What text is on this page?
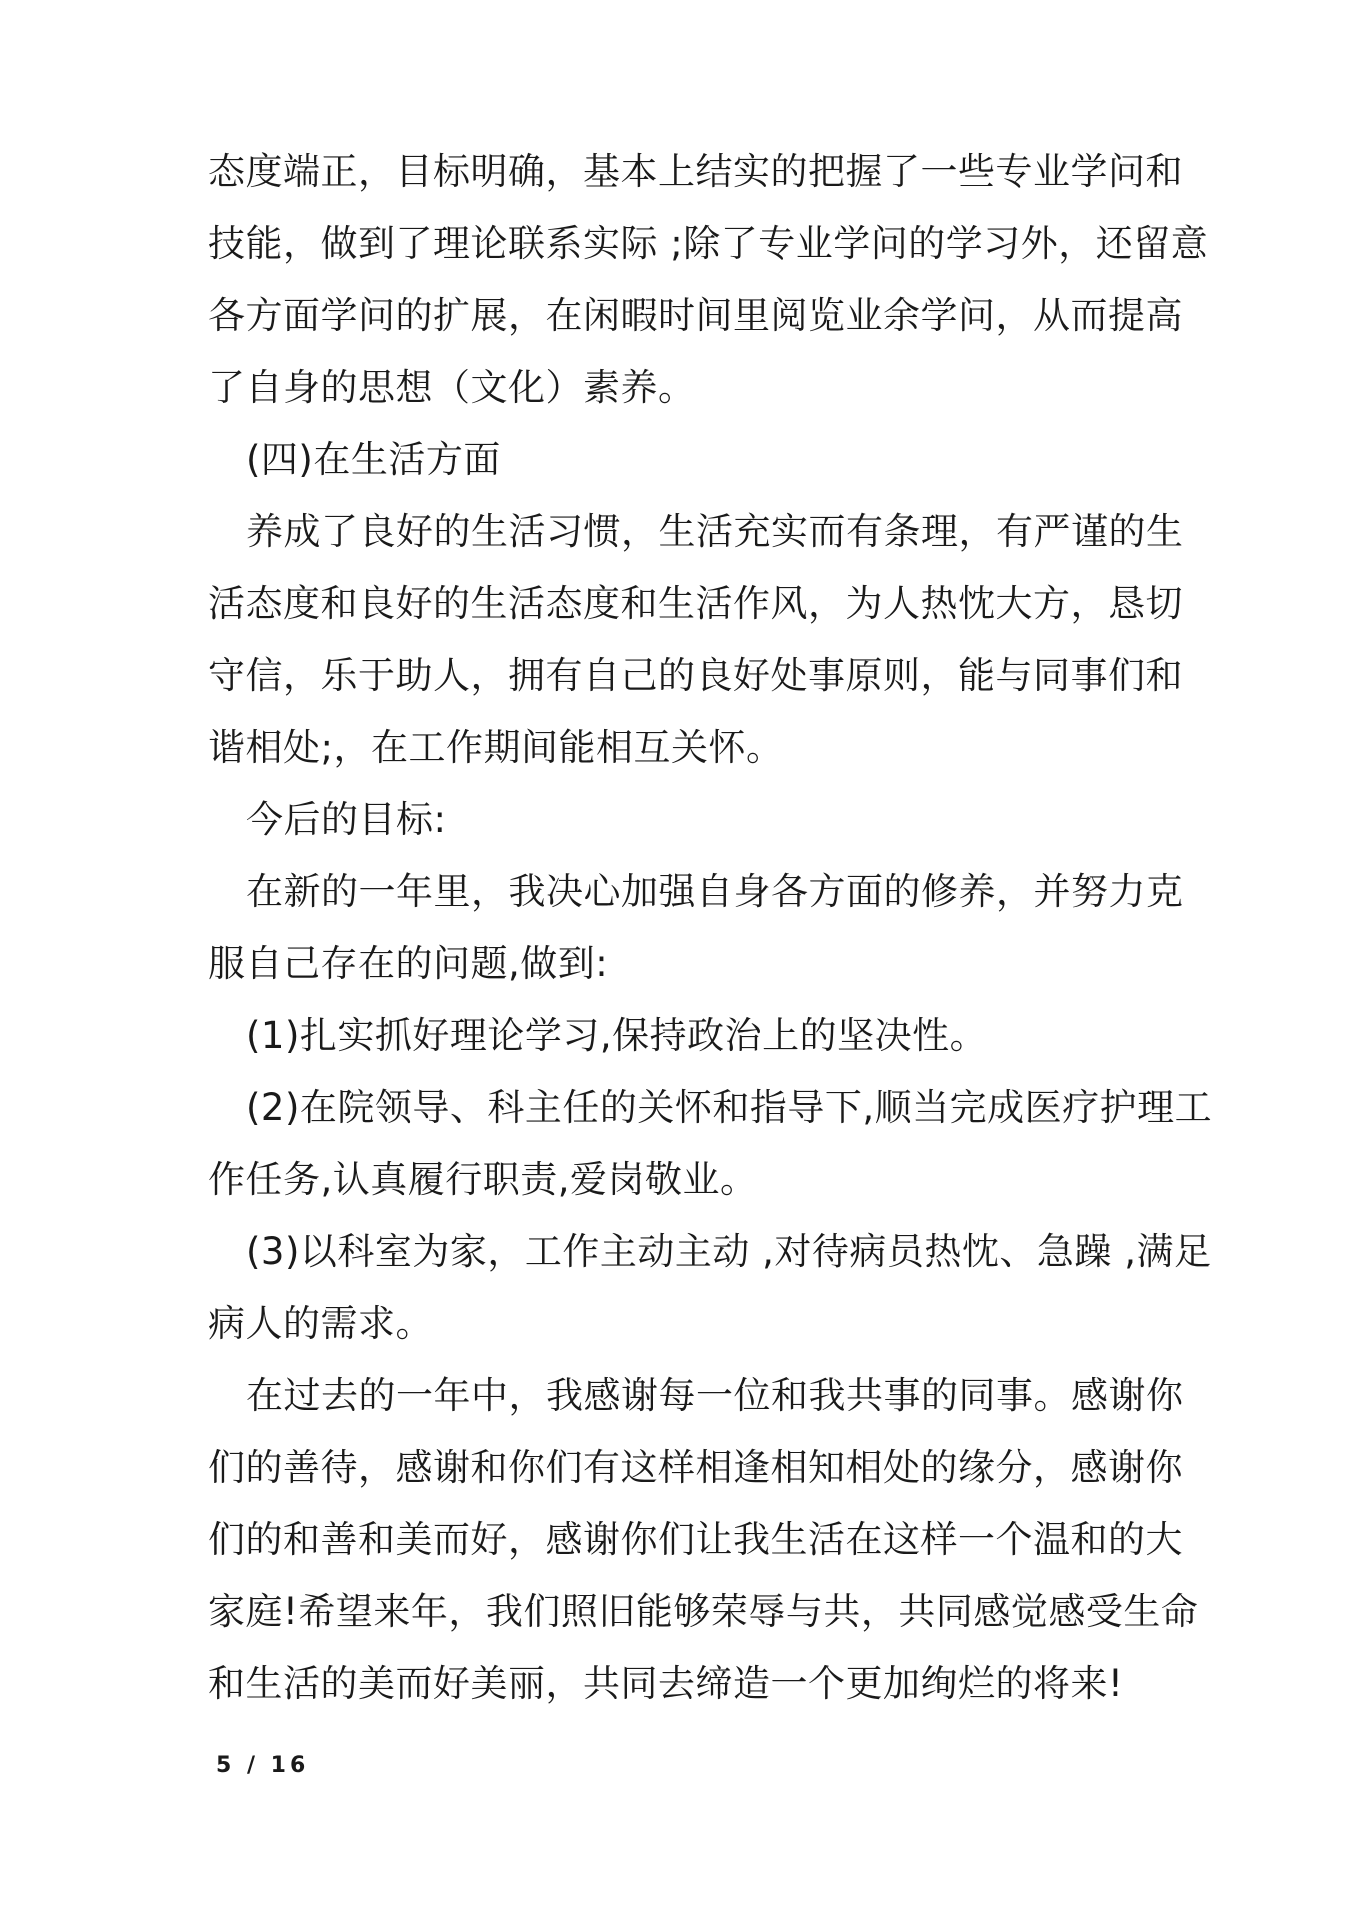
态度端正，目标明确，基本上结实的把握了一些专业学问和
技能，做到了理论联系实际 ;除了专业学问的学习外，还留意
各方面学问的扩展，在闲暇时间里阅览业余学问，从而提高
了自身的思想（文化）素养。
(四)在生活方面
养成了良好的生活习惯，生活充实而有条理，有严谨的生
活态度和良好的生活态度和生活作风，为人热忱大方，恳切
守信，乐于助人，拥有自己的良好处事原则，能与同事们和
谐相处;，在工作期间能相互关怀。
今后的目标:
在新的一年里，我决心加强自身各方面的修养，并努力克
服自己存在的问题,做到:
(1)扎实抓好理论学习,保持政治上的坚决性。
(2)在院领导、科主任的关怀和指导下,顺当完成医疗护理工
作任务,认真履行职责,爱岗敬业。
(3)以科室为家，工作主动主动 ,对待病员热忱、急躁 ,满足
病人的需求。
在过去的一年中，我感谢每一位和我共事的同事。感谢你
们的善待，感谢和你们有这样相逢相知相处的缘分，感谢你
们的和善和美而好，感谢你们让我生活在这样一个温和的大
家庭!希望来年，我们照旧能够荣辱与共，共同感觉感受生命
和生活的美而好美丽，共同去缔造一个更加绚烂的将来!
5 / 16
